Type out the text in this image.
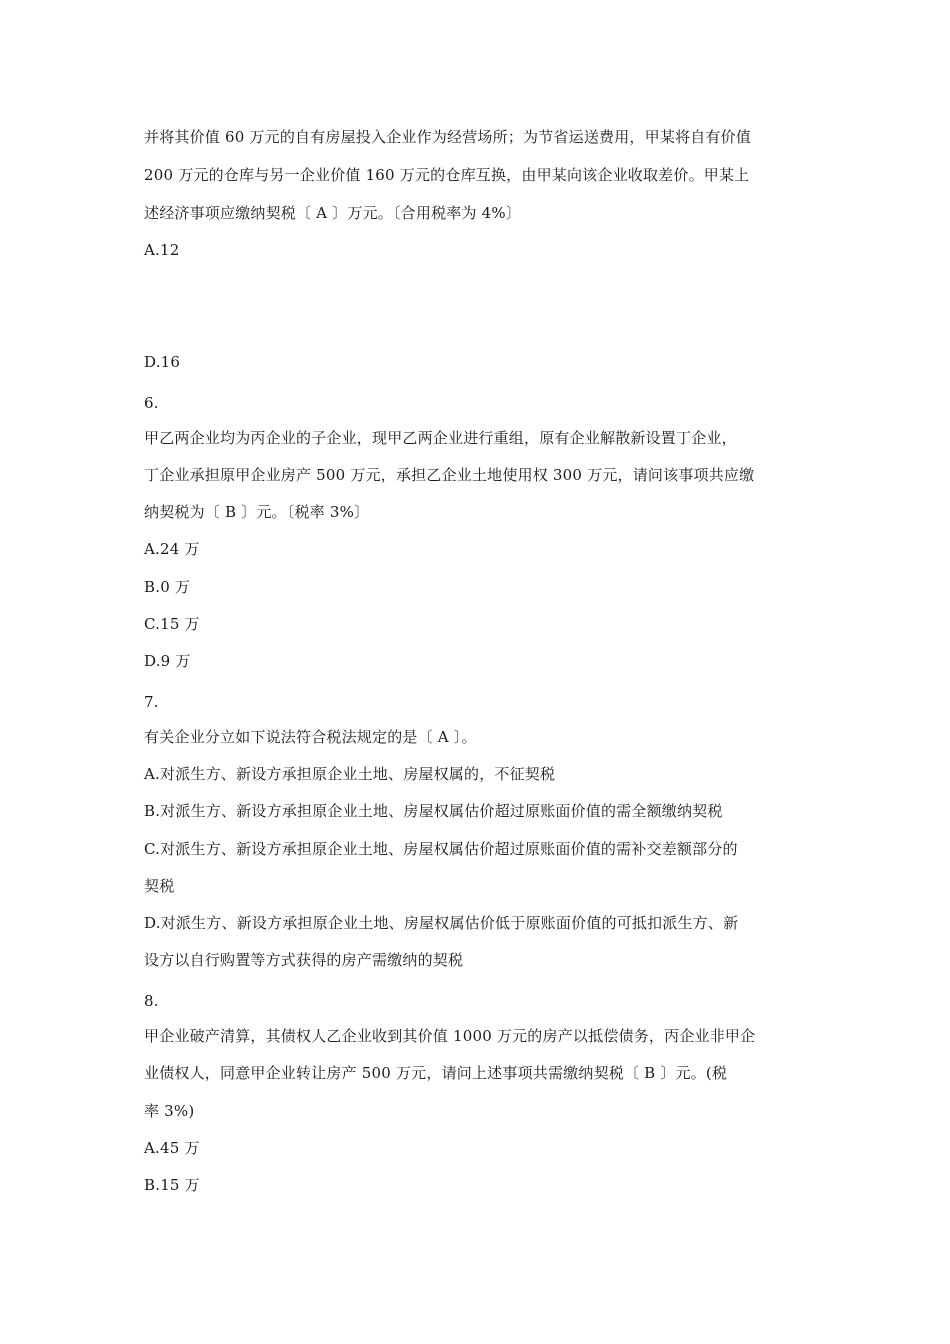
并将其价值 60 万元的自有房屋投入企业作为经营场所；为节省运送费用，甲某将自有价值
200 万元的仓库与另一企业价值 160 万元的仓库互换，由甲某向该企业收取差价。甲某上
述经济事项应缴纳契税〔 A 〕万元。〔合用税率为 4%〕
A.12
D.16
6.
甲乙两企业均为丙企业的子企业，现甲乙两企业进行重组，原有企业解散新设置丁企业，
丁企业承担原甲企业房产 500 万元，承担乙企业土地使用权 300 万元，请问该事项共应缴
纳契税为〔 B 〕元。〔税率 3%〕
A.24 万
B.0 万
C.15 万
D.9 万
7.
有关企业分立如下说法符合税法规定的是〔 A 〕。
A.对派生方、新设方承担原企业土地、房屋权属的，不征契税
B.对派生方、新设方承担原企业土地、房屋权属估价超过原账面价值的需全额缴纳契税
C.对派生方、新设方承担原企业土地、房屋权属估价超过原账面价值的需补交差额部分的
契税
D.对派生方、新设方承担原企业土地、房屋权属估价低于原账面价值的可抵扣派生方、新
设方以自行购置等方式获得的房产需缴纳的契税
8.
甲企业破产清算，其债权人乙企业收到其价值 1000 万元的房产以抵偿债务，丙企业非甲企
业债权人，同意甲企业转让房产 500 万元，请问上述事项共需缴纳契税〔 B 〕元。(税
率 3%)
A.45 万
B.15 万
